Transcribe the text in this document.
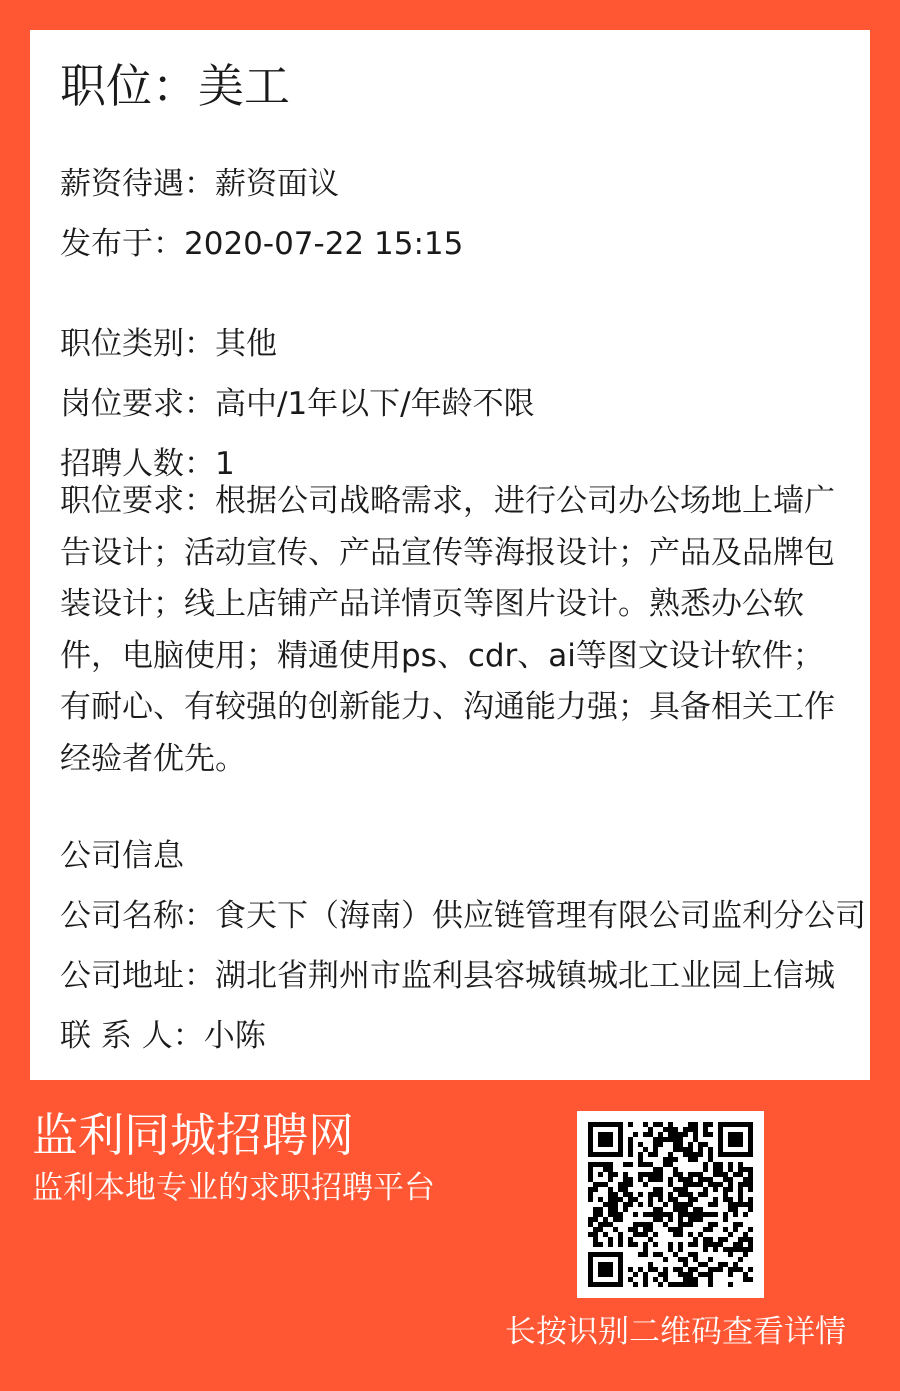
职位：美工
薪资待遇：薪资面议
发布于：2020-07-22 15:15
职位类别：其他
岗位要求：高中/1年以下/年龄不限
招聘人数：1
职位要求：根据公司战略需求，进行公司办公场地上墙广告设计；活动宣传、产品宣传等海报设计；产品及品牌包装设计；线上店铺产品详情页等图片设计。熟悉办公软件，电脑使用；精通使用ps、cdr、ai等图文设计软件；有耐心、有较强的创新能力、沟通能力强；具备相关工作经验者优先。
公司信息
公司名称：食天下（海南）供应链管理有限公司监利分公司
公司地址：湖北省荆州市监利县容城镇城北工业园上信城
联 系 人：小陈
监利同城招聘网
监利本地专业的求职招聘平台
长按识别二维码查看详情
